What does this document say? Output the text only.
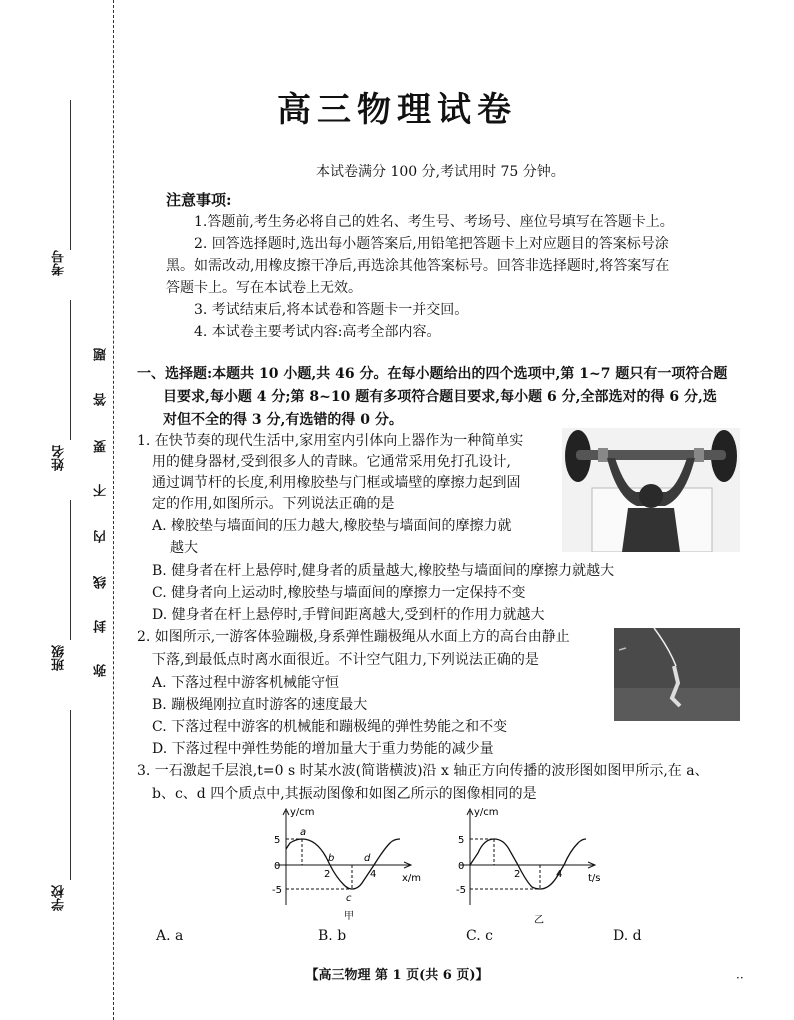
考号
姓名
班级
学校
题
答
要
不
内
线
封
弥
高三物理试卷
本试卷满分 100 分,考试用时 75 分钟。
注意事项:
1.答题前,考生务必将自己的姓名、考生号、考场号、座位号填写在答题卡上。
2. 回答选择题时,选出每小题答案后,用铅笔把答题卡上对应题目的答案标号涂
黑。如需改动,用橡皮擦干净后,再选涂其他答案标号。回答非选择题时,将答案写在
答题卡上。写在本试卷上无效。
3. 考试结束后,将本试卷和答题卡一并交回。
4. 本试卷主要考试内容:高考全部内容。
一、选择题:本题共 10 小题,共 46 分。在每小题给出的四个选项中,第 1~7 题只有一项符合题
目要求,每小题 4 分;第 8~10 题有多项符合题目要求,每小题 6 分,全部选对的得 6 分,选
对但不全的得 3 分,有选错的得 0 分。
1. 在快节奏的现代生活中,家用室内引体向上器作为一种简单实
用的健身器材,受到很多人的青睐。它通常采用免打孔设计,
通过调节杆的长度,利用橡胶垫与门框或墙壁的摩擦力起到固
定的作用,如图所示。下列说法正确的是
A. 橡胶垫与墙面间的压力越大,橡胶垫与墙面间的摩擦力就
越大
B. 健身者在杆上悬停时,健身者的质量越大,橡胶垫与墙面间的摩擦力就越大
C. 健身者向上运动时,橡胶垫与墙面间的摩擦力一定保持不变
D. 健身者在杆上悬停时,手臂间距离越大,受到杆的作用力就越大
2. 如图所示,一游客体验蹦极,身系弹性蹦极绳从水面上方的高台由静止
下落,到最低点时离水面很近。不计空气阻力,下列说法正确的是
A. 下落过程中游客机械能守恒
B. 蹦极绳刚拉直时游客的速度最大
C. 下落过程中游客的机械能和蹦极绳的弹性势能之和不变
D. 下落过程中弹性势能的增加量大于重力势能的减少量
3. 一石激起千层浪,t=0 s 时某水波(简谐横波)沿 x 轴正方向传播的波形图如图甲所示,在 a、
b、c、d 四个质点中,其振动图像和如图乙所示的图像相同的是
y/cm
x/m
5
0
-5
2	4
a
b
c
d
甲
y/cm
t/s
5
0
-5
2	4
乙
A. a	B. b	C. c	D. d
【高三物理 第 1 页(共 6 页)】	··
